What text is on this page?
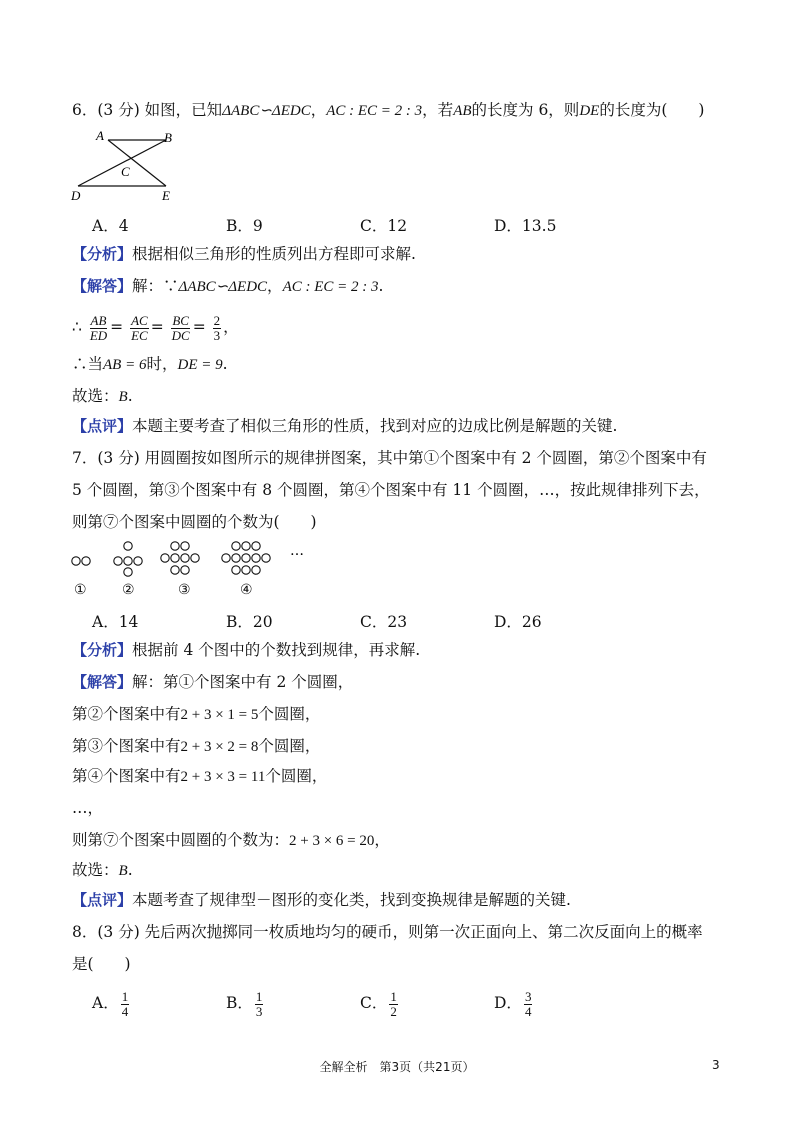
6．(3 分) 如图，已知ΔABC∽ΔEDC，AC : EC = 2 : 3，若AB的长度为 6，则DE的长度为(　　)
A	B
C
D	E
A．4	B．9	C．12	D．13.5
【分析】根据相似三角形的性质列出方程即可求解.
【解答】解：∵ΔABC∽ΔEDC，AC : EC = 2 : 3.
∴ $\frac{AB}{ED} = \frac{AC}{EC} = \frac{BC}{DC} = \frac{2}{3}$ ，
∴当AB = 6时，DE = 9.
故选：B.
【点评】本题主要考查了相似三角形的性质，找到对应的边成比例是解题的关键.
7．(3 分) 用圆圈按如图所示的规律拼图案，其中第①个图案中有 2 个圆圈，第②个图案中有
5 个圆圈，第③个图案中有 8 个圆圈，第④个图案中有 11 个圆圈，…，按此规律排列下去，
则第⑦个图案中圆圈的个数为(　　)
…
①	②	③	④
A．14	B．20	C．23	D．26
【分析】根据前 4 个图中的个数找到规律，再求解.
【解答】解：第①个图案中有 2 个圆圈，
第②个图案中有2 + 3 × 1 = 5个圆圈，
第③个图案中有2 + 3 × 2 = 8个圆圈，
第④个图案中有2 + 3 × 3 = 11个圆圈，
…，
则第⑦个图案中圆圈的个数为：2 + 3 × 6 = 20，
故选：B.
【点评】本题考查了规律型－图形的变化类，找到变换规律是解题的关键.
8．(3 分) 先后两次抛掷同一枚质地均匀的硬币，则第一次正面向上、第二次反面向上的概率
是(　　)
A． $\frac{1}{4}$	B． $\frac{1}{3}$	C． $\frac{1}{2}$	D． $\frac{3}{4}$
全解全析　第3页（共21页）	3
